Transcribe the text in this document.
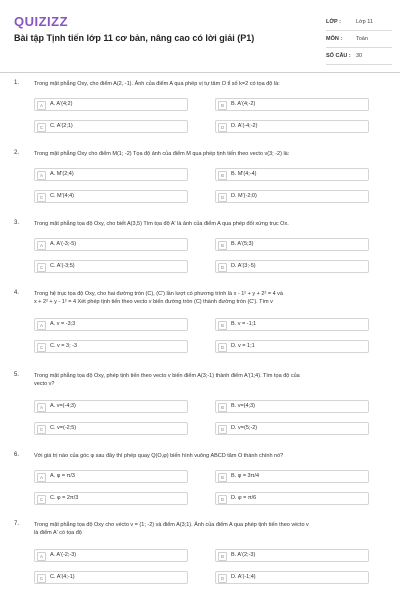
QUIZIZZ
Bài tập Tịnh tiến lớp 11 cơ bản, nâng cao có lời giải (P1)
LỚP :	Lớp 11
MÔN :	Toán
SỐ CÂU : 30
1.	Trong mặt phẳng Oxy, cho điểm A(2, -1). Ảnh của điểm A qua phép vị tự tâm O tỉ số k=2 có tọa độ là:
A	A. A'(4;2)	B	B. A'(4;-2)
C	C. A'(2;1)	D	D. A'(-4;-2)
2.	Trong mặt phẳng Oxy cho điểm M(1; -2) Tọa độ ảnh của điểm M qua phép tịnh tiến theo vecto v(3; -2) là:
A	A. M'(2;4)	B	B. M'(4;-4)
C	C. M'(4;4)	D	D. M'(-2;0)
3.	Trong mặt phẳng tọa độ Oxy, cho biết A(3,5) Tìm tọa độ A' là ảnh của điểm A qua phép đối xứng trục Ox.
A	A. A'(-3;-5)	B	B. A'(5;3)
C	C. A'(-3;5)	D	D. A'(3;-5)
4.	Trong hệ trục tọa độ Oxy, cho hai đường tròn (C), (C') lần lượt có phương trình là x - 1² + y + 2² = 4 và
x + 2² + y - 1² = 4 Xét phép tịnh tiến theo vecto v biến đường tròn (C) thành đường tròn (C'). Tìm v
A	A. v = -3;3	B	B. v = -1;1
C	C. v = 3; -3	D	D. v = 1;1
5.	Trong mặt phẳng tọa độ Oxy, phép tịnh tiến theo vecto v biến điểm A(3;-1) thành điểm A'(1;4). Tìm tọa độ của
vecto v?
A	A. v=(-4;3)	B	B. v=(4;3)
C	C. v=(-2;5)	D	D. v=(5;-2)
6.	Với giá trị nào của góc φ sau đây thì phép quay Q(O,φ) biến hình vuông ABCD tâm O thành chính nó?
A	A. φ = π/3	B	B. φ = 3π/4
C	C. φ = 2π/3	D	D. φ = π/6
7.	Trong mặt phẳng tọa độ Oxy cho vécto v = (1; -2) và điểm A(3;1). Ảnh của điểm A qua phép tịnh tiến theo vécto v
là điểm A' có tọa độ
A	A. A'(-2;-3)	B	B. A'(2;-3)
C	C. A'(4;-1)	D	D. A'(-1;4)
